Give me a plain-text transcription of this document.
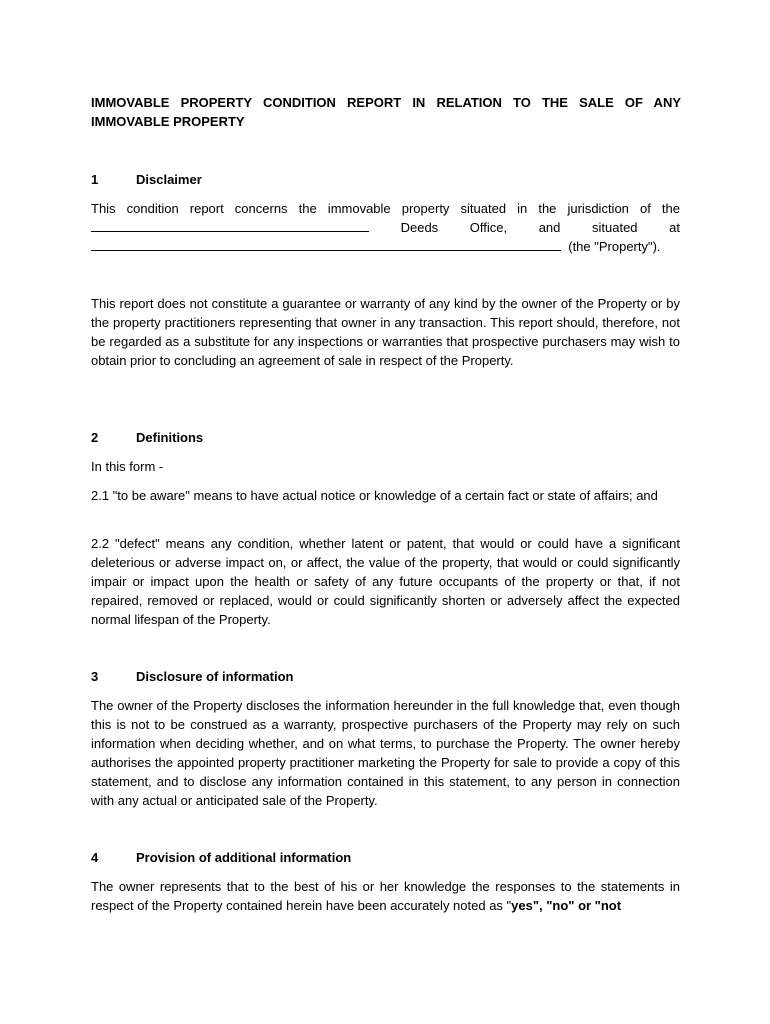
IMMOVABLE PROPERTY CONDITION REPORT IN RELATION TO THE SALE OF ANY IMMOVABLE PROPERTY
1	Disclaimer
This condition report concerns the immovable property situated in the jurisdiction of the
Deeds Office, and situated at
(the "Property").

This report does not constitute a guarantee or warranty of any kind by the owner of the Property or by the property practitioners representing that owner in any transaction. This report should, therefore, not be regarded as a substitute for any inspections or warranties that prospective purchasers may wish to obtain prior to concluding an agreement of sale in respect of the Property.

2	Definitions

In this form -

2.1 "to be aware" means to have actual notice or knowledge of a certain fact or state of affairs; and

2.2 "defect" means any condition, whether latent or patent, that would or could have a significant deleterious or adverse impact on, or affect, the value of the property, that would or could significantly impair or impact upon the health or safety of any future occupants of the property or that, if not repaired, removed or replaced, would or could significantly shorten or adversely affect the expected normal lifespan of the Property.

3	Disclosure of information

The owner of the Property discloses the information hereunder in the full knowledge that, even though this is not to be construed as a warranty, prospective purchasers of the Property may rely on such information when deciding whether, and on what terms, to purchase the Property. The owner hereby authorises the appointed property practitioner marketing the Property for sale to provide a copy of this statement, and to disclose any information contained in this statement, to any person in connection with any actual or anticipated sale of the Property.

4	Provision of additional information

The owner represents that to the best of his or her knowledge the responses to the statements in respect of the Property contained herein have been accurately noted as "yes", "no" or "not
